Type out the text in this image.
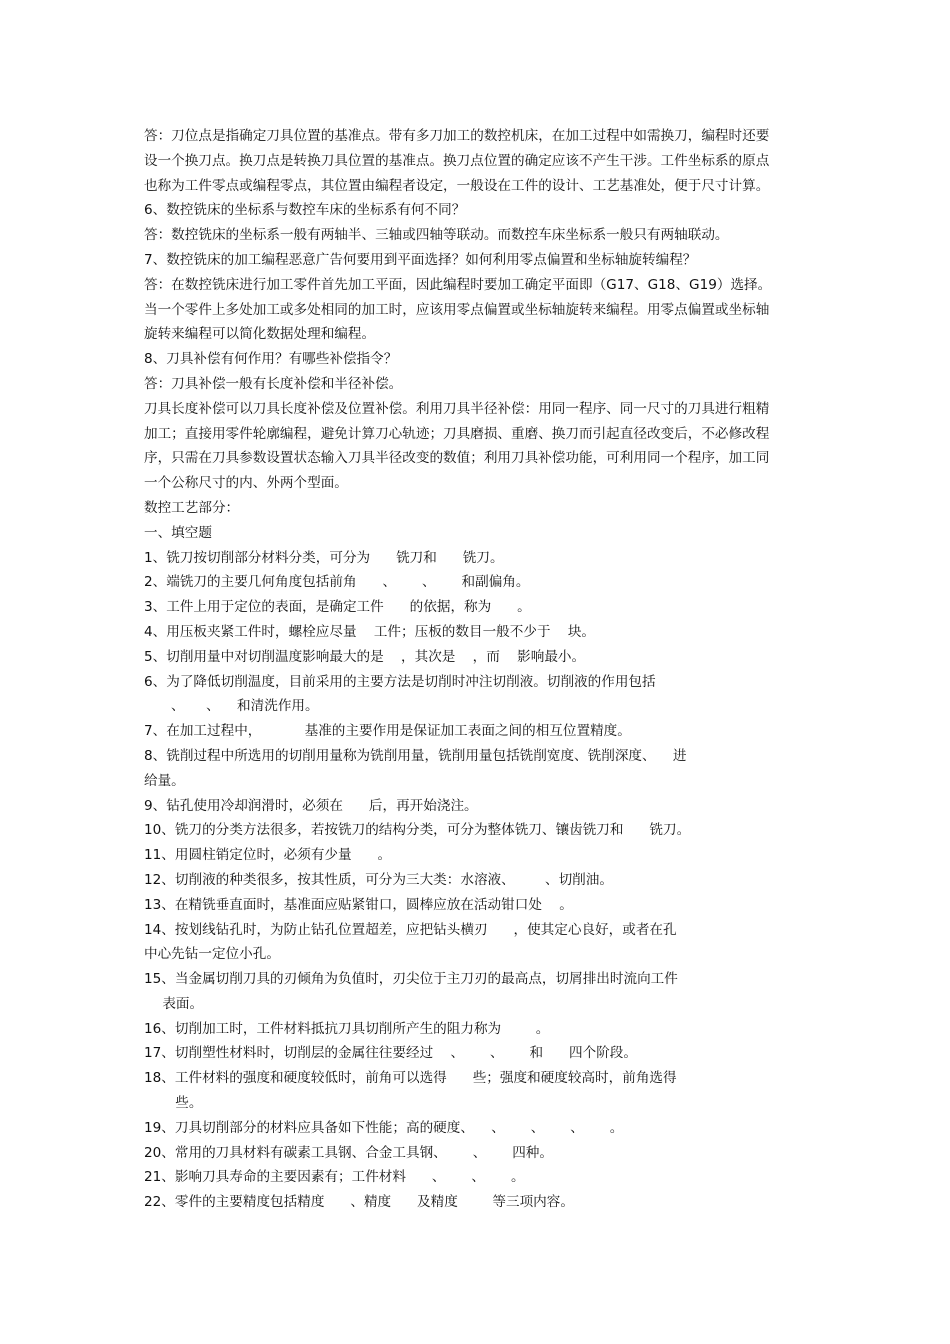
答：刀位点是指确定刀具位置的基准点。带有多刀加工的数控机床，在加工过程中如需换刀，编程时还要
设一个换刀点。换刀点是转换刀具位置的基准点。换刀点位置的确定应该不产生干涉。工件坐标系的原点
也称为工件零点或编程零点，其位置由编程者设定，一般设在工件的设计、工艺基准处，便于尺寸计算。
6、数控铣床的坐标系与数控车床的坐标系有何不同？
答：数控铣床的坐标系一般有两轴半、三轴或四轴等联动。而数控车床坐标系一般只有两轴联动。
7、数控铣床的加工编程恶意广告何要用到平面选择？如何利用零点偏置和坐标轴旋转编程？
答：在数控铣床进行加工零件首先加工平面，因此编程时要加工确定平面即（G17、G18、G19）选择。
当一个零件上多处加工或多处相同的加工时，应该用零点偏置或坐标轴旋转来编程。用零点偏置或坐标轴
旋转来编程可以简化数据处理和编程。
8、刀具补偿有何作用？有哪些补偿指令？
答：刀具补偿一般有长度补偿和半径补偿。
刀具长度补偿可以刀具长度补偿及位置补偿。利用刀具半径补偿：用同一程序、同一尺寸的刀具进行粗精
加工；直接用零件轮廓编程，避免计算刀心轨迹；刀具磨损、重磨、换刀而引起直径改变后，不必修改程
序，只需在刀具参数设置状态输入刀具半径改变的数值；利用刀具补偿功能，可利用同一个程序，加工同
一个公称尺寸的内、外两个型面。
数控工艺部分：
一、填空题
1、铣刀按切削部分材料分类，可分为      铣刀和      铣刀。
2、端铣刀的主要几何角度包括前角      、      、      和副偏角。
3、工件上用于定位的表面，是确定工件      的依据，称为      。
4、用压板夹紧工件时，螺栓应尽量    工件；压板的数目一般不少于    块。
5、切削用量中对切削温度影响最大的是    ，其次是    ，而    影响最小。
6、为了降低切削温度，目前采用的主要方法是切削时冲注切削液。切削液的作用包括
、     、    和清洗作用。
7、在加工过程中，          基准的主要作用是保证加工表面之间的相互位置精度。
8、铣削过程中所选用的切削用量称为铣削用量，铣削用量包括铣削宽度、铣削深度、    进
给量。
9、钻孔使用冷却润滑时，必须在      后，再开始浇注。
10、铣刀的分类方法很多，若按铣刀的结构分类，可分为整体铣刀、镶齿铣刀和      铣刀。
11、用圆柱销定位时，必须有少量      。
12、切削液的种类很多，按其性质，可分为三大类：水溶液、       、切削油。
13、在精铣垂直面时，基准面应贴紧钳口，圆棒应放在活动钳口处    。
14、按划线钻孔时，为防止钻孔位置超差，应把钻头横刃      ，使其定心良好，或者在孔
中心先钻一定位小孔。
15、当金属切削刀具的刃倾角为负值时，刃尖位于主刀刃的最高点，切屑排出时流向工件
表面。
16、切削加工时，工件材料抵抗刀具切削所产生的阻力称为        。
17、切削塑性材料时，切削层的金属往往要经过    、      、      和      四个阶段。
18、工件材料的强度和硬度较低时，前角可以选得      些；强度和硬度较高时，前角选得
些。
19、刀具切削部分的材料应具备如下性能；高的硬度、    、      、      、      。
20、常用的刀具材料有碳素工具钢、合金工具钢、      、      四种。
21、影响刀具寿命的主要因素有；工件材料      、      、      。
22、零件的主要精度包括精度      、精度      及精度        等三项内容。
